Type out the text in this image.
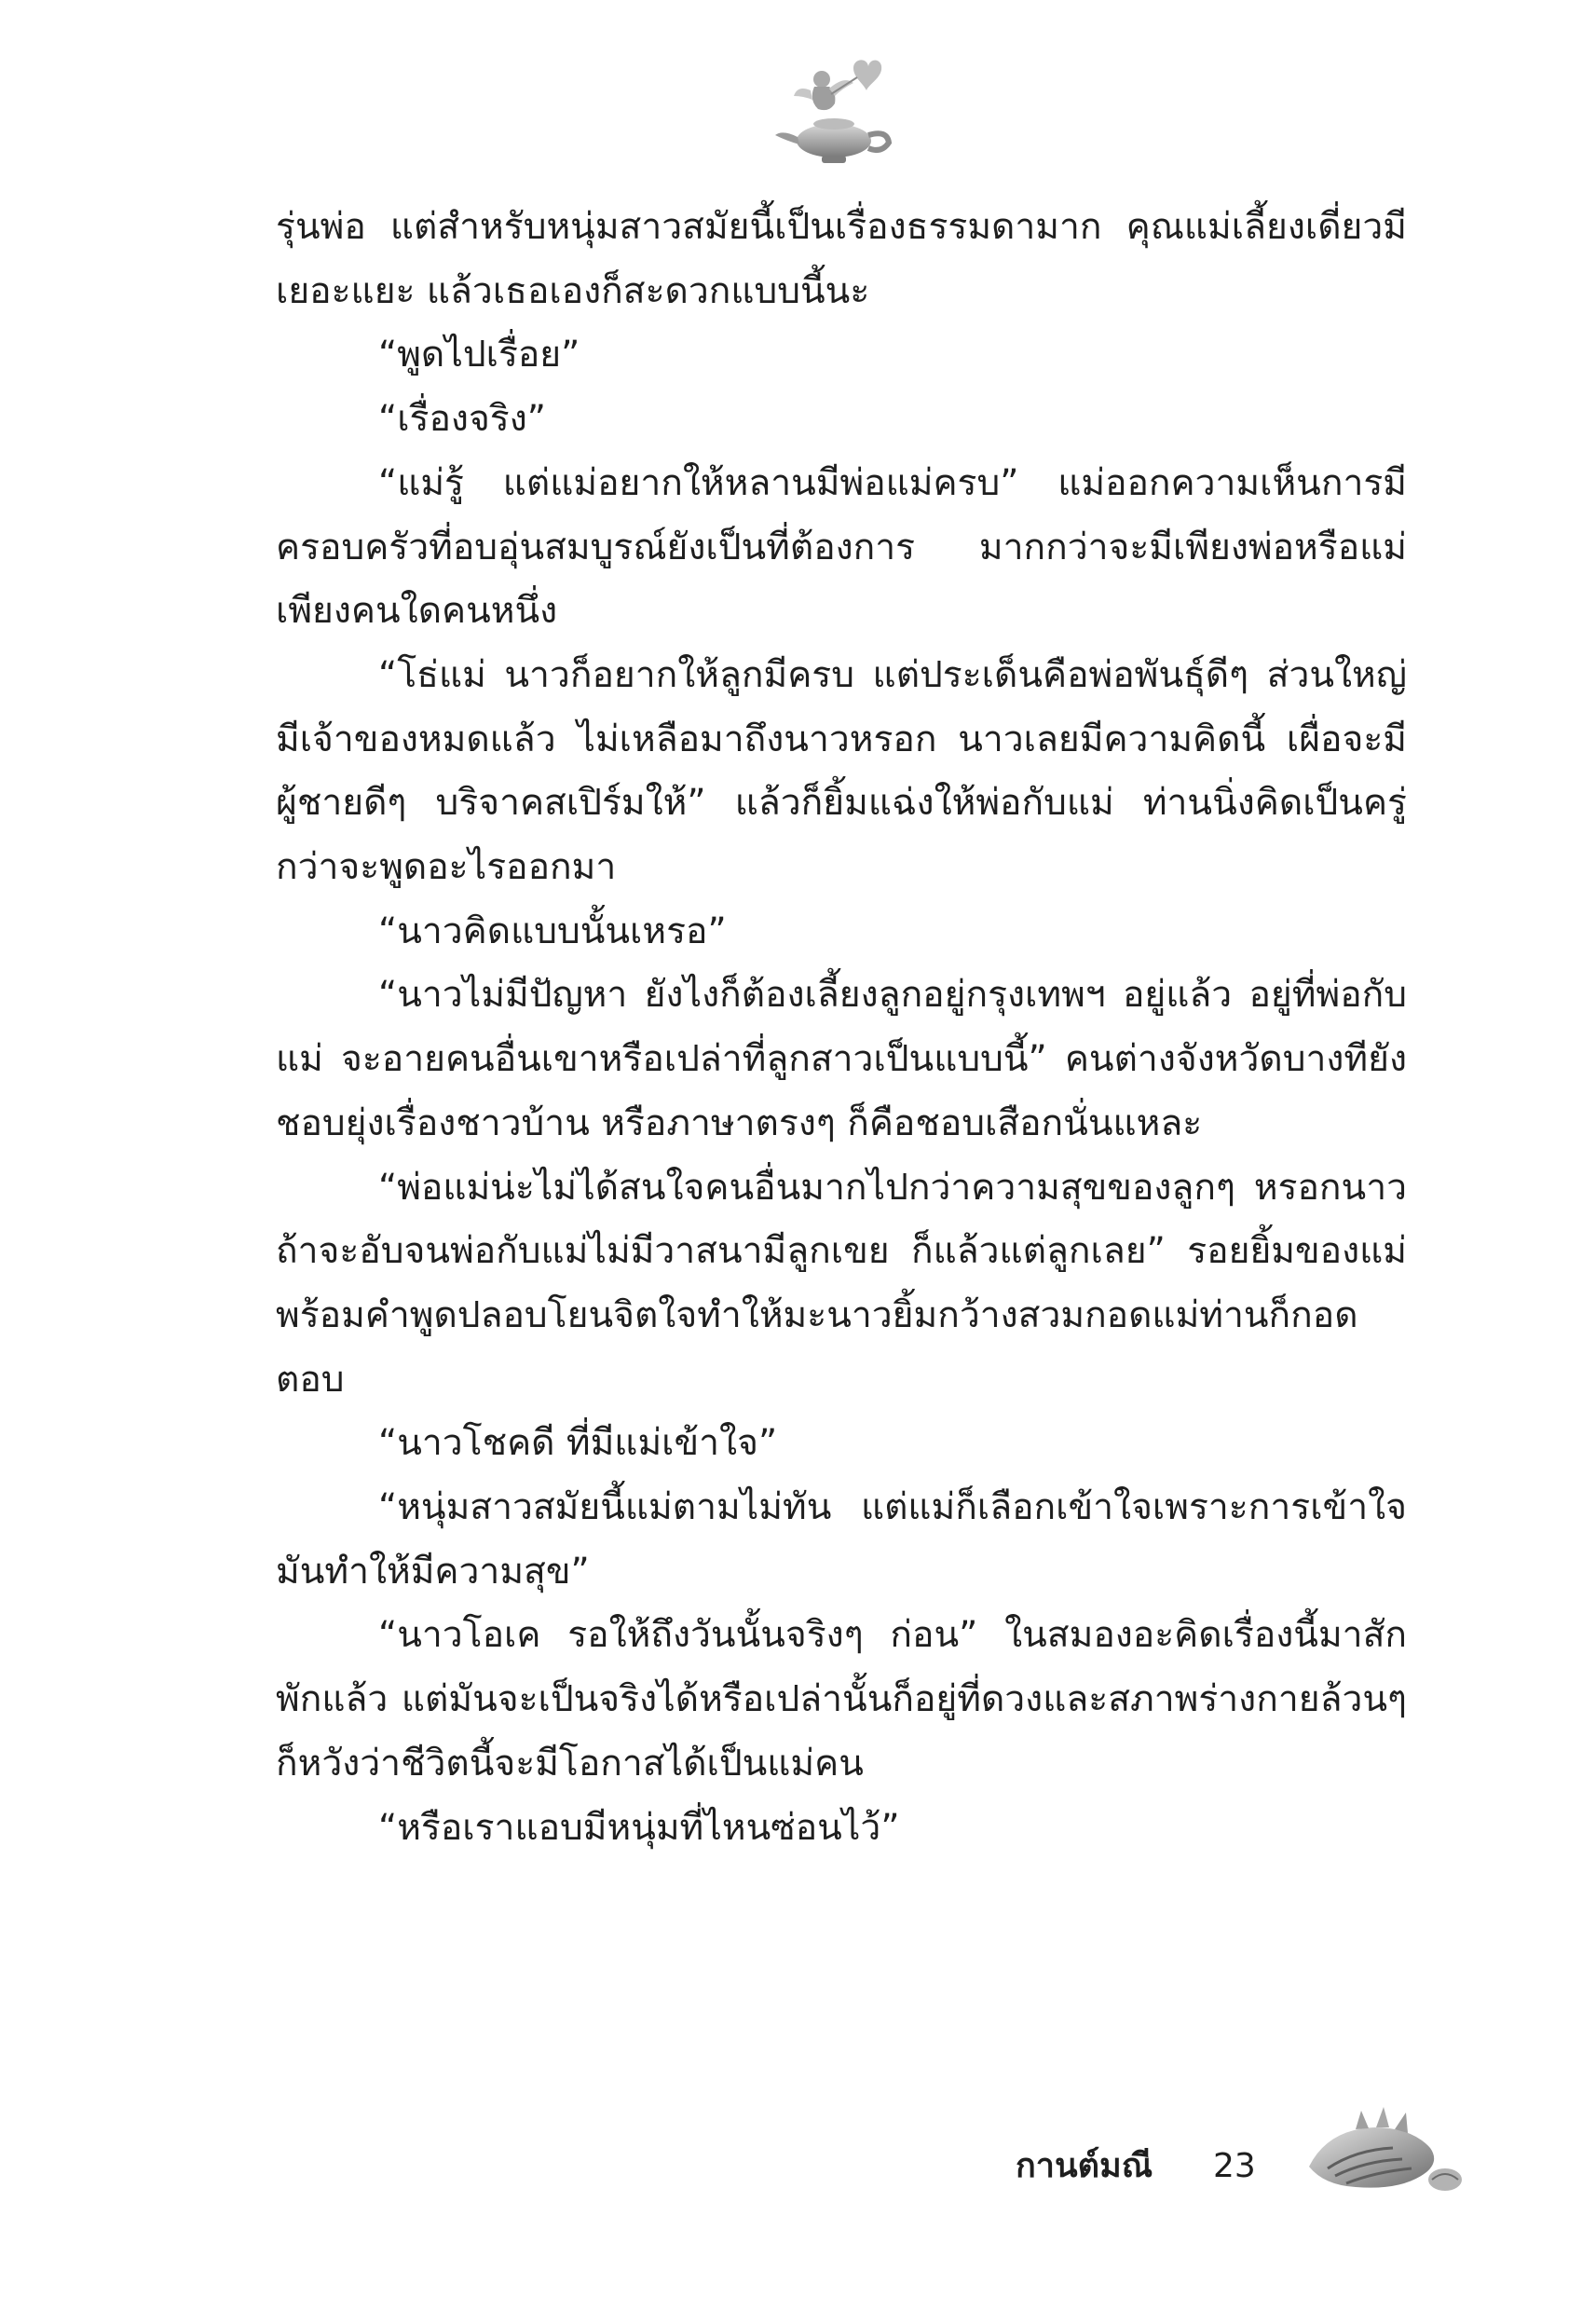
รุ่นพ่อ แต่สำหรับหนุ่มสาวสมัยนี้เป็นเรื่องธรรมดามาก คุณแม่เลี้ยงเดี่ยวมีเยอะแยะ แล้วเธอเองก็สะดวกแบบนี้นะ

“พูดไปเรื่อย”

“เรื่องจริง”

“แม่รู้ แต่แม่อยากให้หลานมีพ่อแม่ครบ” แม่ออกความเห็นการมีครอบครัวที่อบอุ่นสมบูรณ์ยังเป็นที่ต้องการ มากกว่าจะมีเพียงพ่อหรือแม่เพียงคนใดคนหนึ่ง

“โธ่แม่ นาวก็อยากให้ลูกมีครบ แต่ประเด็นคือพ่อพันธุ์ดีๆ ส่วนใหญ่มีเจ้าของหมดแล้ว ไม่เหลือมาถึงนาวหรอก นาวเลยมีความคิดนี้ เผื่อจะมีผู้ชายดีๆ บริจาคสเปิร์มให้” แล้วก็ยิ้มแฉ่งให้พ่อกับแม่ ท่านนิ่งคิดเป็นครู่กว่าจะพูดอะไรออกมา

“นาวคิดแบบนั้นเหรอ”

“นาวไม่มีปัญหา ยังไงก็ต้องเลี้ยงลูกอยู่กรุงเทพฯ อยู่แล้ว อยู่ที่พ่อกับแม่ จะอายคนอื่นเขาหรือเปล่าที่ลูกสาวเป็นแบบนี้” คนต่างจังหวัดบางทียังชอบยุ่งเรื่องชาวบ้าน หรือภาษาตรงๆ ก็คือชอบเสือกนั่นแหละ

“พ่อแม่น่ะไม่ได้สนใจคนอื่นมากไปกว่าความสุขของลูกๆ หรอกนาว ถ้าจะอับจนพ่อกับแม่ไม่มีวาสนามีลูกเขย ก็แล้วแต่ลูกเลย” รอยยิ้มของแม่พร้อมคำพูดปลอบโยนจิตใจทำให้มะนาวยิ้มกว้างสวมกอดแม่ท่านก็กอดตอบ

“นาวโชคดี ที่มีแม่เข้าใจ”

“หนุ่มสาวสมัยนี้แม่ตามไม่ทัน แต่แม่ก็เลือกเข้าใจเพราะการเข้าใจมันทำให้มีความสุข”

“นาวโอเค รอให้ถึงวันนั้นจริงๆ ก่อน” ในสมองอะคิดเรื่องนี้มาสักพักแล้ว แต่มันจะเป็นจริงได้หรือเปล่านั้นก็อยู่ที่ดวงและสภาพร่างกายล้วนๆ ก็หวังว่าชีวิตนี้จะมีโอกาสได้เป็นแม่คน

“หรือเราแอบมีหนุ่มที่ไหนซ่อนไว้”

กานต์มณี 23
